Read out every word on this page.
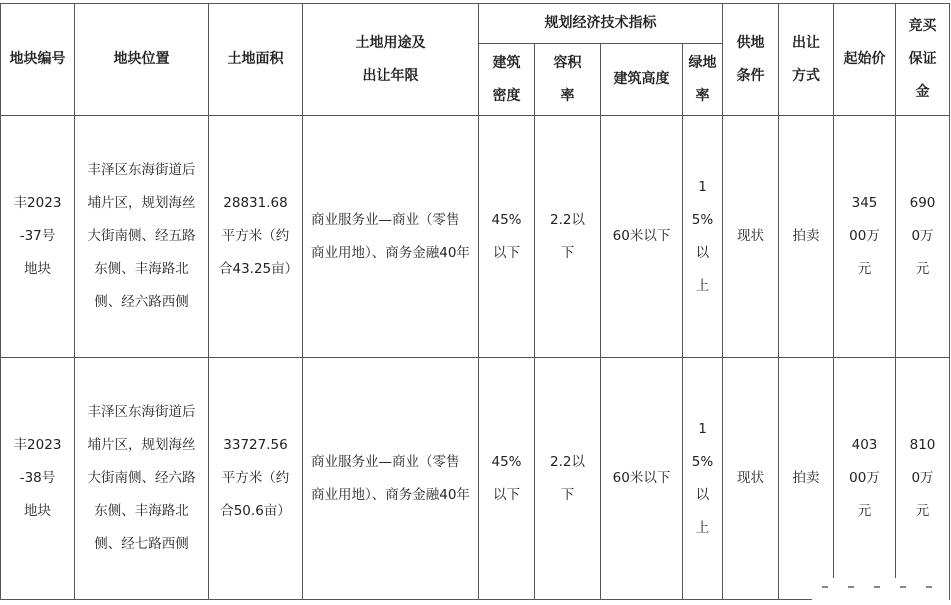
地块编号	地块位置	土地面积	土地用途及出让年限	规划经济技术指标				供地条件	出让方式	起始价	竞买保证金
				建筑密度	容积率	建筑高度	绿地率				
丰2023-37号地块	丰泽区东海街道后埔片区，规划海丝大街南侧、经五路东侧、丰海路北侧、经六路西侧	28831.68平方米（约合43.25亩）	商业服务业—商业（零售商业用地）、商务金融40年	45%以下	2.2以下	60米以下	15%以上	现状	拍卖	34500万元	6900万元
丰2023-38号地块	丰泽区东海街道后埔片区，规划海丝大街南侧、经六路东侧、丰海路北侧、经七路西侧	33727.56平方米（约合50.6亩）	商业服务业—商业（零售商业用地）、商务金融40年	45%以下	2.2以下	60米以下	15%以上	现状	拍卖	40300万元	8100万元
